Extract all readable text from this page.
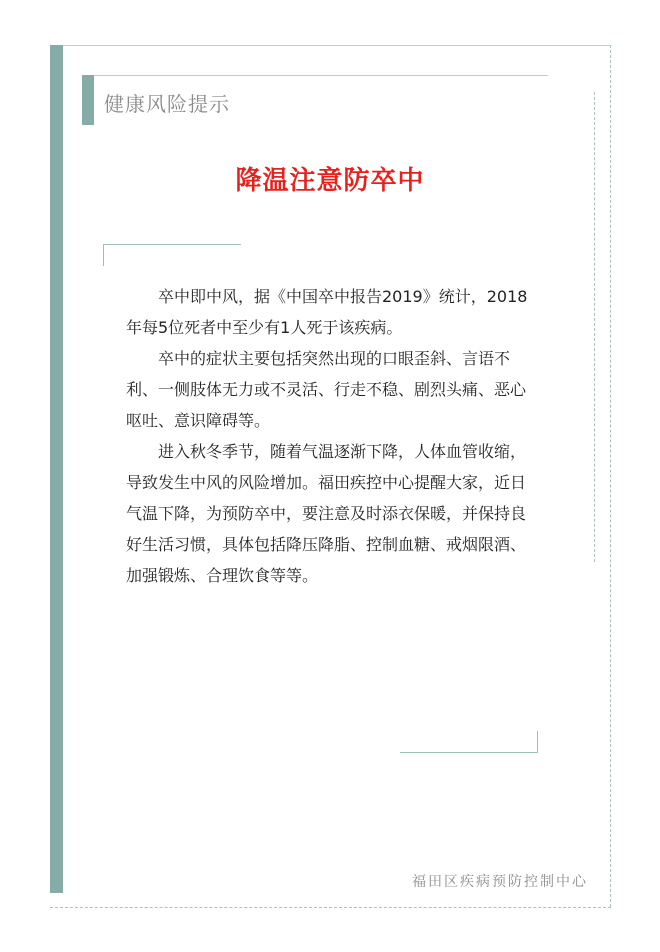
健康风险提示
降温注意防卒中

卒中即中风，据《中国卒中报告2019》统计，2018年每5位死者中至少有1人死于该疾病。

卒中的症状主要包括突然出现的口眼歪斜、言语不利、一侧肢体无力或不灵活、行走不稳、剧烈头痛、恶心呕吐、意识障碍等。

进入秋冬季节，随着气温逐渐下降，人体血管收缩，导致发生中风的风险增加。福田疾控中心提醒大家，近日气温下降，为预防卒中，要注意及时添衣保暖，并保持良好生活习惯，具体包括降压降脂、控制血糖、戒烟限酒、加强锻炼、合理饮食等等。

福田区疾病预防控制中心
